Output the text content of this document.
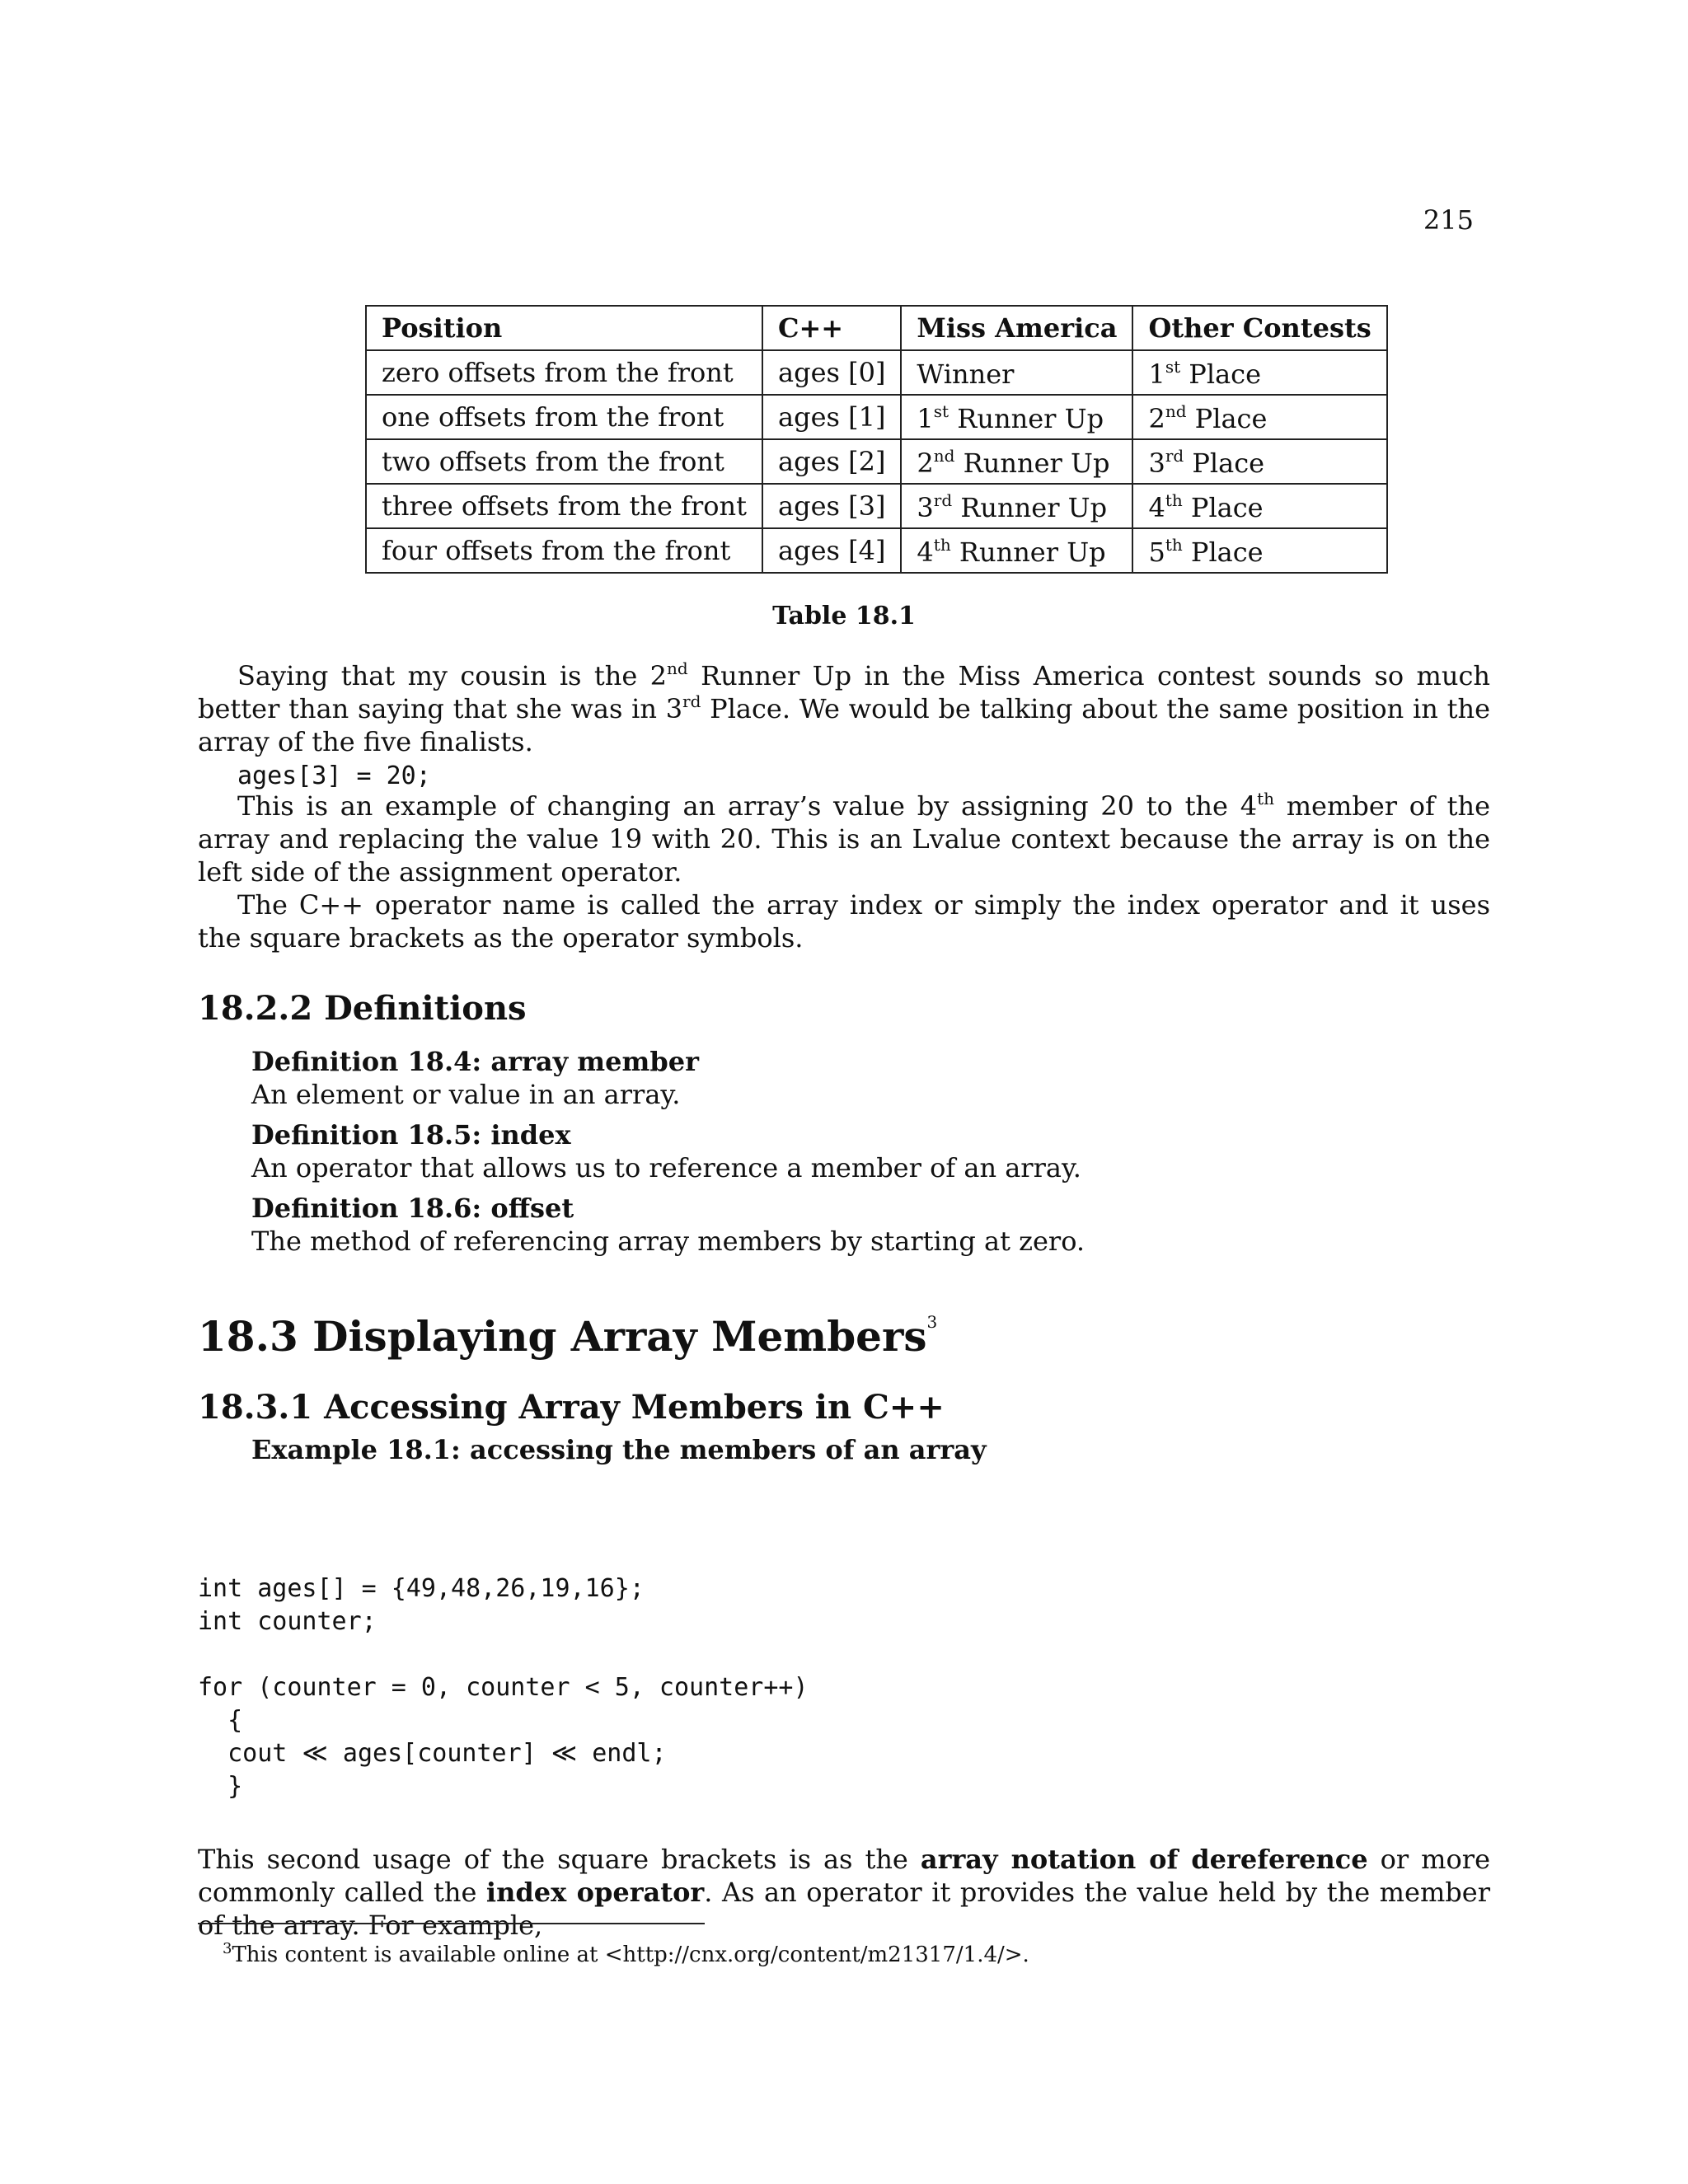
215
Position	C++	Miss America	Other Contests
zero offsets from the front	ages [0]	Winner	1st Place
one offsets from the front	ages [1]	1st Runner Up	2nd Place
two offsets from the front	ages [2]	2nd Runner Up	3rd Place
three offsets from the front	ages [3]	3rd Runner Up	4th Place
four offsets from the front	ages [4]	4th Runner Up	5th Place
Table 18.1
Saying that my cousin is the 2nd Runner Up in the Miss America contest sounds so much better than saying that she was in 3rd Place. We would be talking about the same position in the array of the five finalists.
ages[3] = 20;
This is an example of changing an array’s value by assigning 20 to the 4th member of the array and replacing the value 19 with 20. This is an Lvalue context because the array is on the left side of the assignment operator.
The C++ operator name is called the array index or simply the index operator and it uses the square brackets as the operator symbols.
18.2.2 Definitions
Definition 18.4: array member
An element or value in an array.
Definition 18.5: index
An operator that allows us to reference a member of an array.
Definition 18.6: offset
The method of referencing array members by starting at zero.
18.3 Displaying Array Members$^3$
18.3.1 Accessing Array Members in C++
Example 18.1: accessing the members of an array
int ages[] = {49,48,26,19,16};
int counter;

for (counter = 0, counter < 5, counter++)
{
cout ≪ ages[counter] ≪ endl;
}
This second usage of the square brackets is as the array notation of dereference or more commonly called the index operator. As an operator it provides the value held by the member of the array. For example,
$^3$This content is available online at <http://cnx.org/content/m21317/1.4/>.
